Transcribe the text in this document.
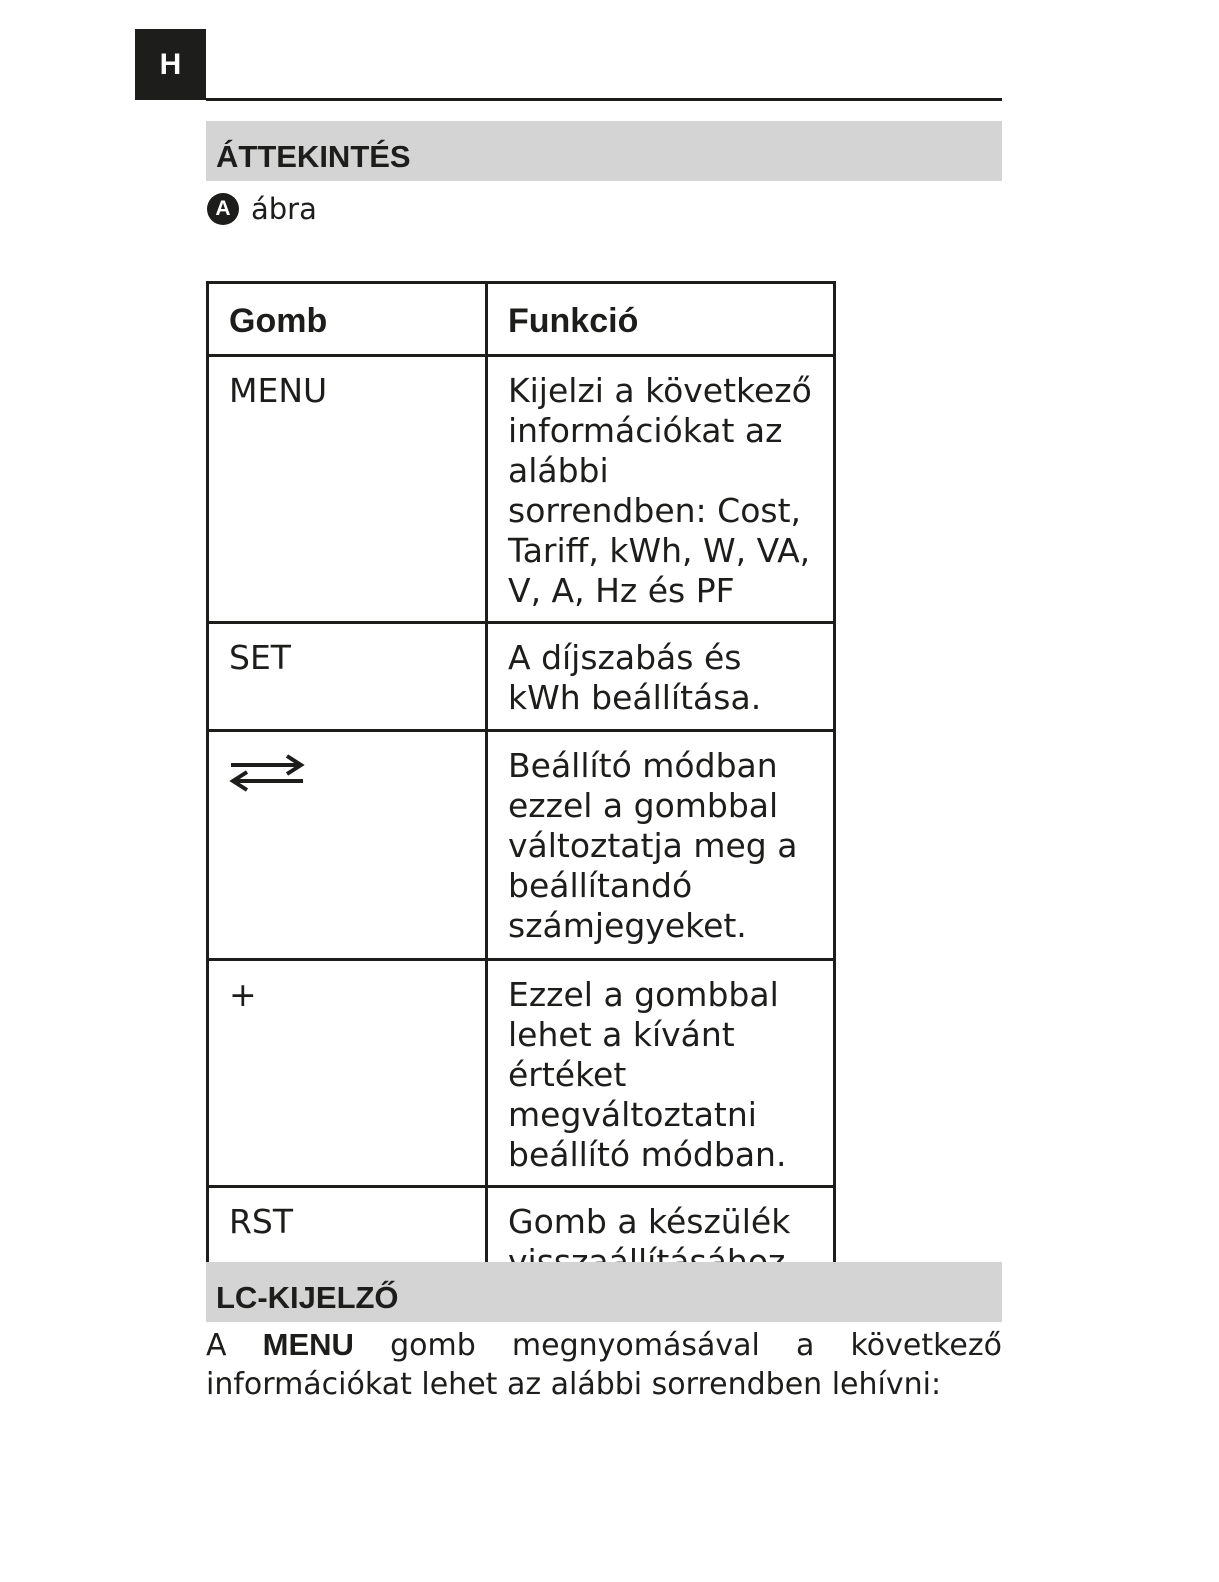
H
ÁTTEKINTÉS
A ábra
Gomb	Funkció
MENU	Kijelzi a következő információkat az alábbi sorrendben: Cost, Tariff, kWh, W, VA, V, A, Hz és PF
SET	A díjszabás és kWh beállítása.

	Beállító módban ezzel a gombbal változtatja meg a beállítandó számjegyeket.
+	Ezzel a gombbal lehet a kívánt értéket megváltoztatni beállító módban.
RST	Gomb a készülék
LC-KIJELZŐ

A MENU gomb megnyomásával a következő információkat lehet az alábbi sorrendben lehívni:
